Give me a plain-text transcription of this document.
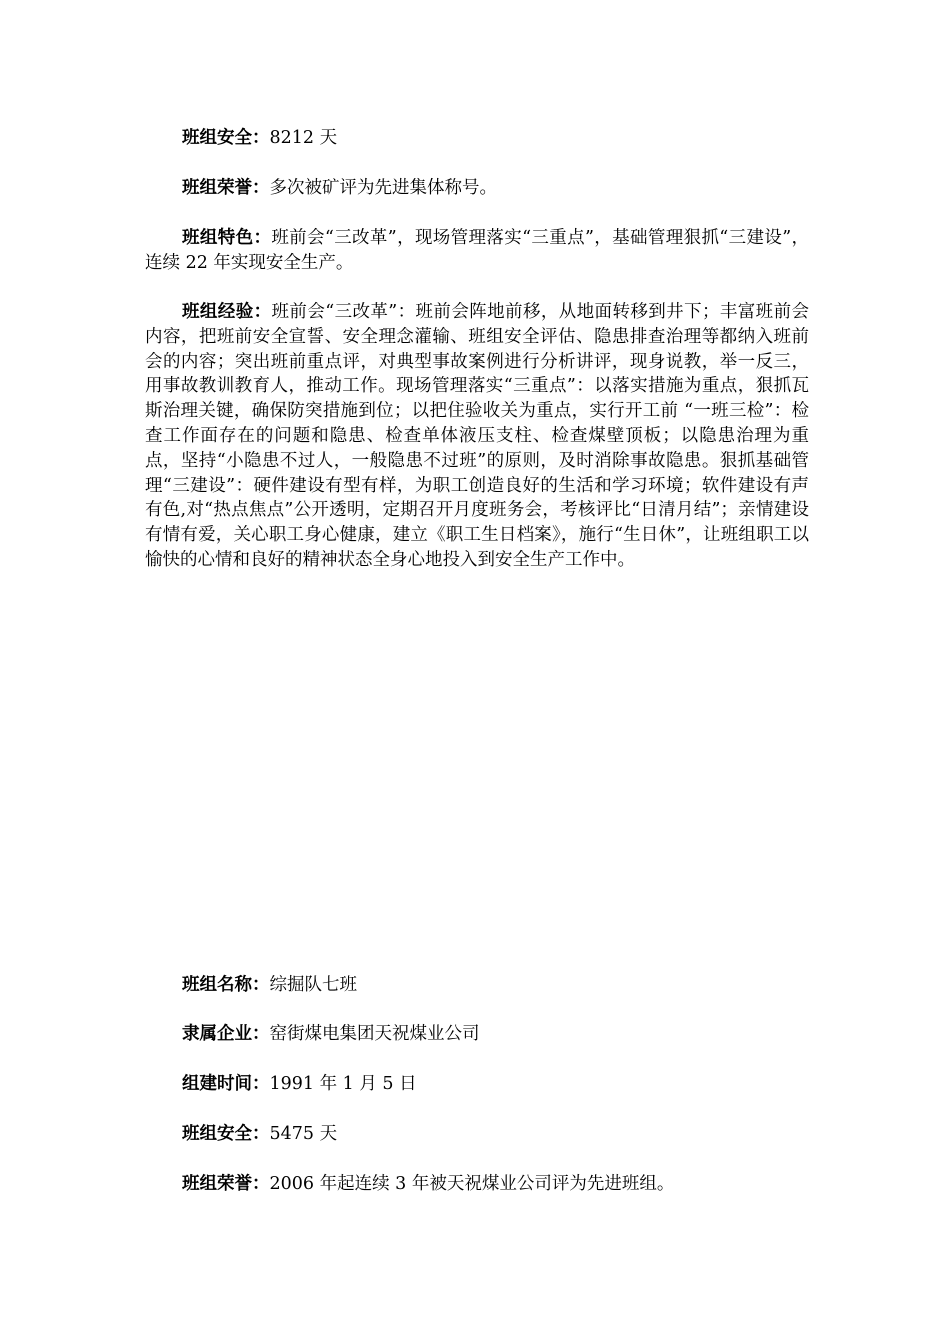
班组安全：8212 天

班组荣誉：多次被矿评为先进集体称号。

班组特色：班前会“三改革”，现场管理落实“三重点”，基础管理狠抓“三建设”，连续 22 年实现安全生产。

班组经验：班前会“三改革”：班前会阵地前移，从地面转移到井下；丰富班前会内容，把班前安全宣誓、安全理念灌输、班组安全评估、隐患排查治理等都纳入班前会的内容；突出班前重点评，对典型事故案例进行分析讲评，现身说教，举一反三，用事故教训教育人，推动工作。现场管理落实“三重点”：以落实措施为重点，狠抓瓦斯治理关键，确保防突措施到位；以把住验收关为重点，实行开工前 “一班三检”：检查工作面存在的问题和隐患、检查单体液压支柱、检查煤壁顶板；以隐患治理为重点，坚持“小隐患不过人，一般隐患不过班”的原则，及时消除事故隐患。狠抓基础管理“三建设”：硬件建设有型有样，为职工创造良好的生活和学习环境；软件建设有声有色,对“热点焦点”公开透明，定期召开月度班务会，考核评比“日清月结”；亲情建设有情有爱，关心职工身心健康，建立《职工生日档案》，施行“生日休”，让班组职工以愉快的心情和良好的精神状态全身心地投入到安全生产工作中。

班组名称：综掘队七班

隶属企业：窑街煤电集团天祝煤业公司

组建时间：1991 年 1 月 5 日

班组安全：5475 天

班组荣誉：2006 年起连续 3 年被天祝煤业公司评为先进班组。
